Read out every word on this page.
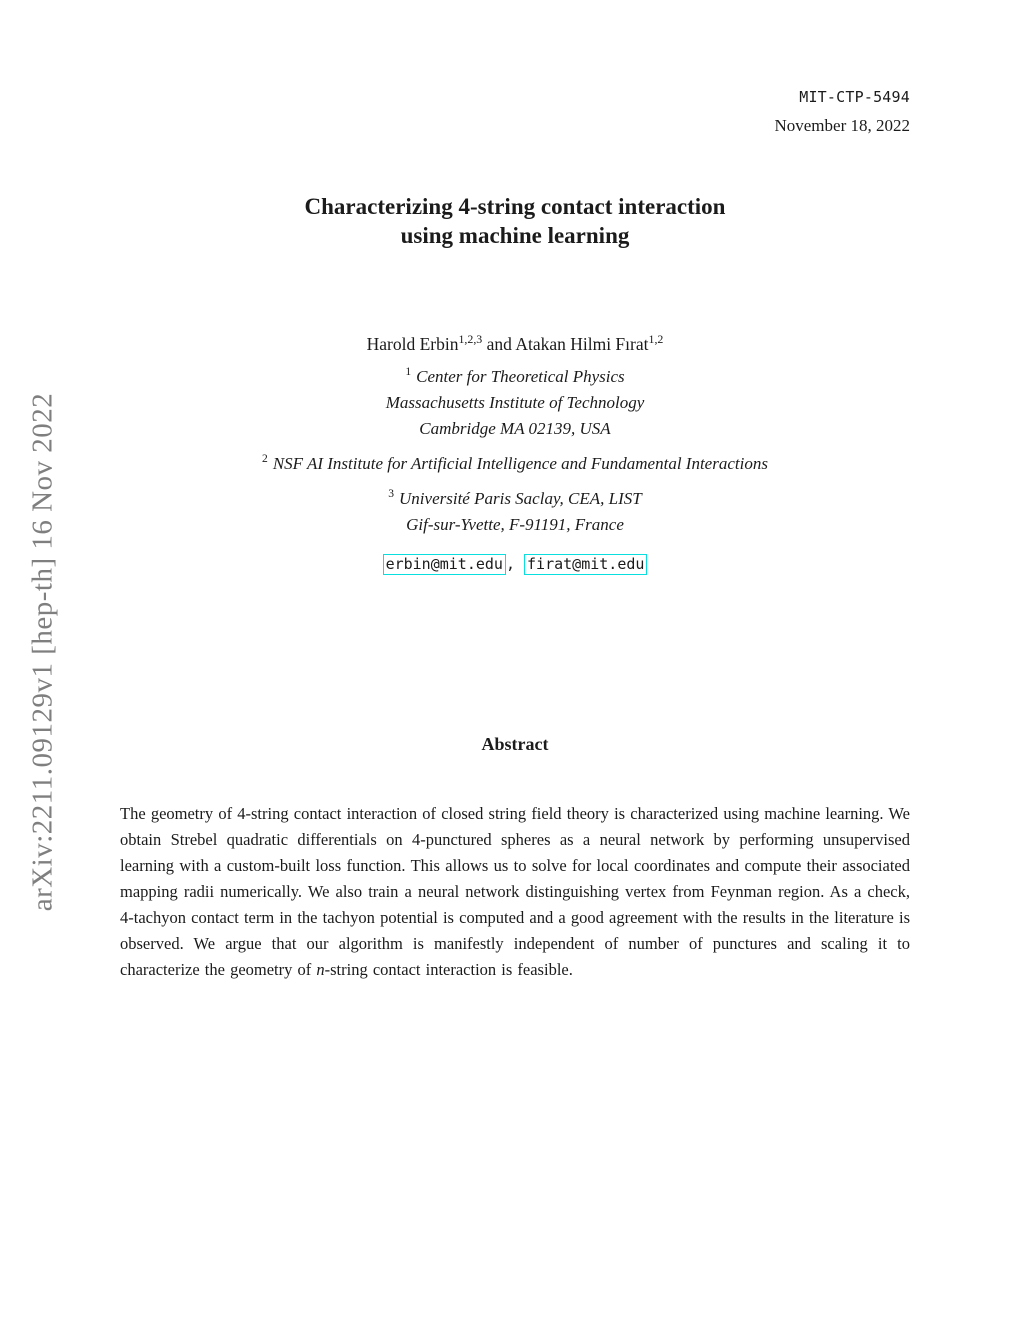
arXiv:2211.09129v1 [hep-th] 16 Nov 2022
MIT-CTP-5494
November 18, 2022
Characterizing 4-string contact interaction
using machine learning
Harold Erbin$^{1,2,3}$ and Atakan Hilmi Fırat$^{1,2}$
$^1$ Center for Theoretical Physics
Massachusetts Institute of Technology
Cambridge MA 02139, USA
$^2$ NSF AI Institute for Artificial Intelligence and Fundamental Interactions
$^3$ Université Paris Saclay, CEA, LIST
Gif-sur-Yvette, F-91191, France
erbin@mit.edu , firat@mit.edu
Abstract
The geometry of 4-string contact interaction of closed string field theory is characterized using machine learning. We obtain Strebel quadratic differentials on 4-punctured spheres as a neural network by performing unsupervised learning with a custom-built loss function. This allows us to solve for local coordinates and compute their associated mapping radii numerically. We also train a neural network distinguishing vertex from Feynman region. As a check, 4-tachyon contact term in the tachyon potential is computed and a good agreement with the results in the literature is observed. We argue that our algorithm is manifestly independent of number of punctures and scaling it to characterize the geometry of n-string contact interaction is feasible.
